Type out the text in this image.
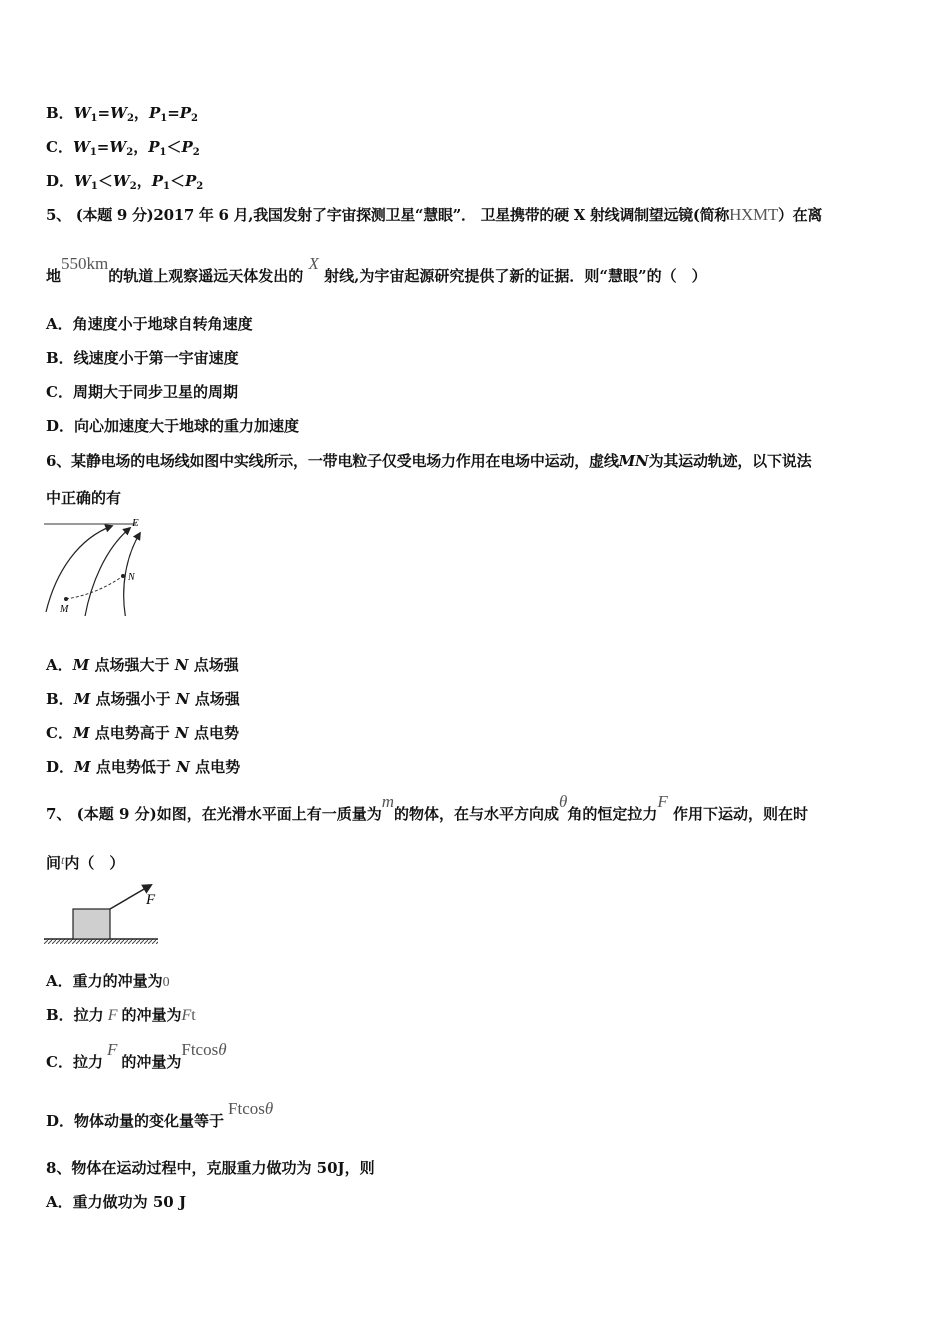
B．$W_1=W_2$，$P_1=P_2$
C．$W_1=W_2$，$P_1<P_2$
D．$W_1<W_2$，$P_1<P_2$
5、 (本题 9 分)2017 年 6 月,我国发射了宇宙探测卫星“慧眼”． 卫星携带的硬 X 射线调制望远镜(简称HXMT）在离
地550km的轨道上观察遥远天体发出的 X 射线,为宇宙起源研究提供了新的证据．则“慧眼”的（　）
A．角速度小于地球自转角速度
B．线速度小于第一宇宙速度
C．周期大于同步卫星的周期
D．向心加速度大于地球的重力加速度
6、某静电场的电场线如图中实线所示，一带电粒子仅受电场力作用在电场中运动，虚线MN为其运动轨迹，以下说法
中正确的有
E
N
M
A．M 点场强大于 N 点场强
B．M 点场强小于 N 点场强
C．M 点电势高于 N 点电势
D．M 点电势低于 N 点电势
7、 (本题 9 分)如图，在光滑水平面上有一质量为m的物体，在与水平方向成θ角的恒定拉力F 作用下运动，则在时
间$^t$内（　）
F
A．重力的冲量为0
B．拉力 F 的冲量为Ft
C．拉力F的冲量为Ftcosθ
D．物体动量的变化量等于Ftcosθ
8、物体在运动过程中，克服重力做功为 50J，则
A．重力做功为 50 J
